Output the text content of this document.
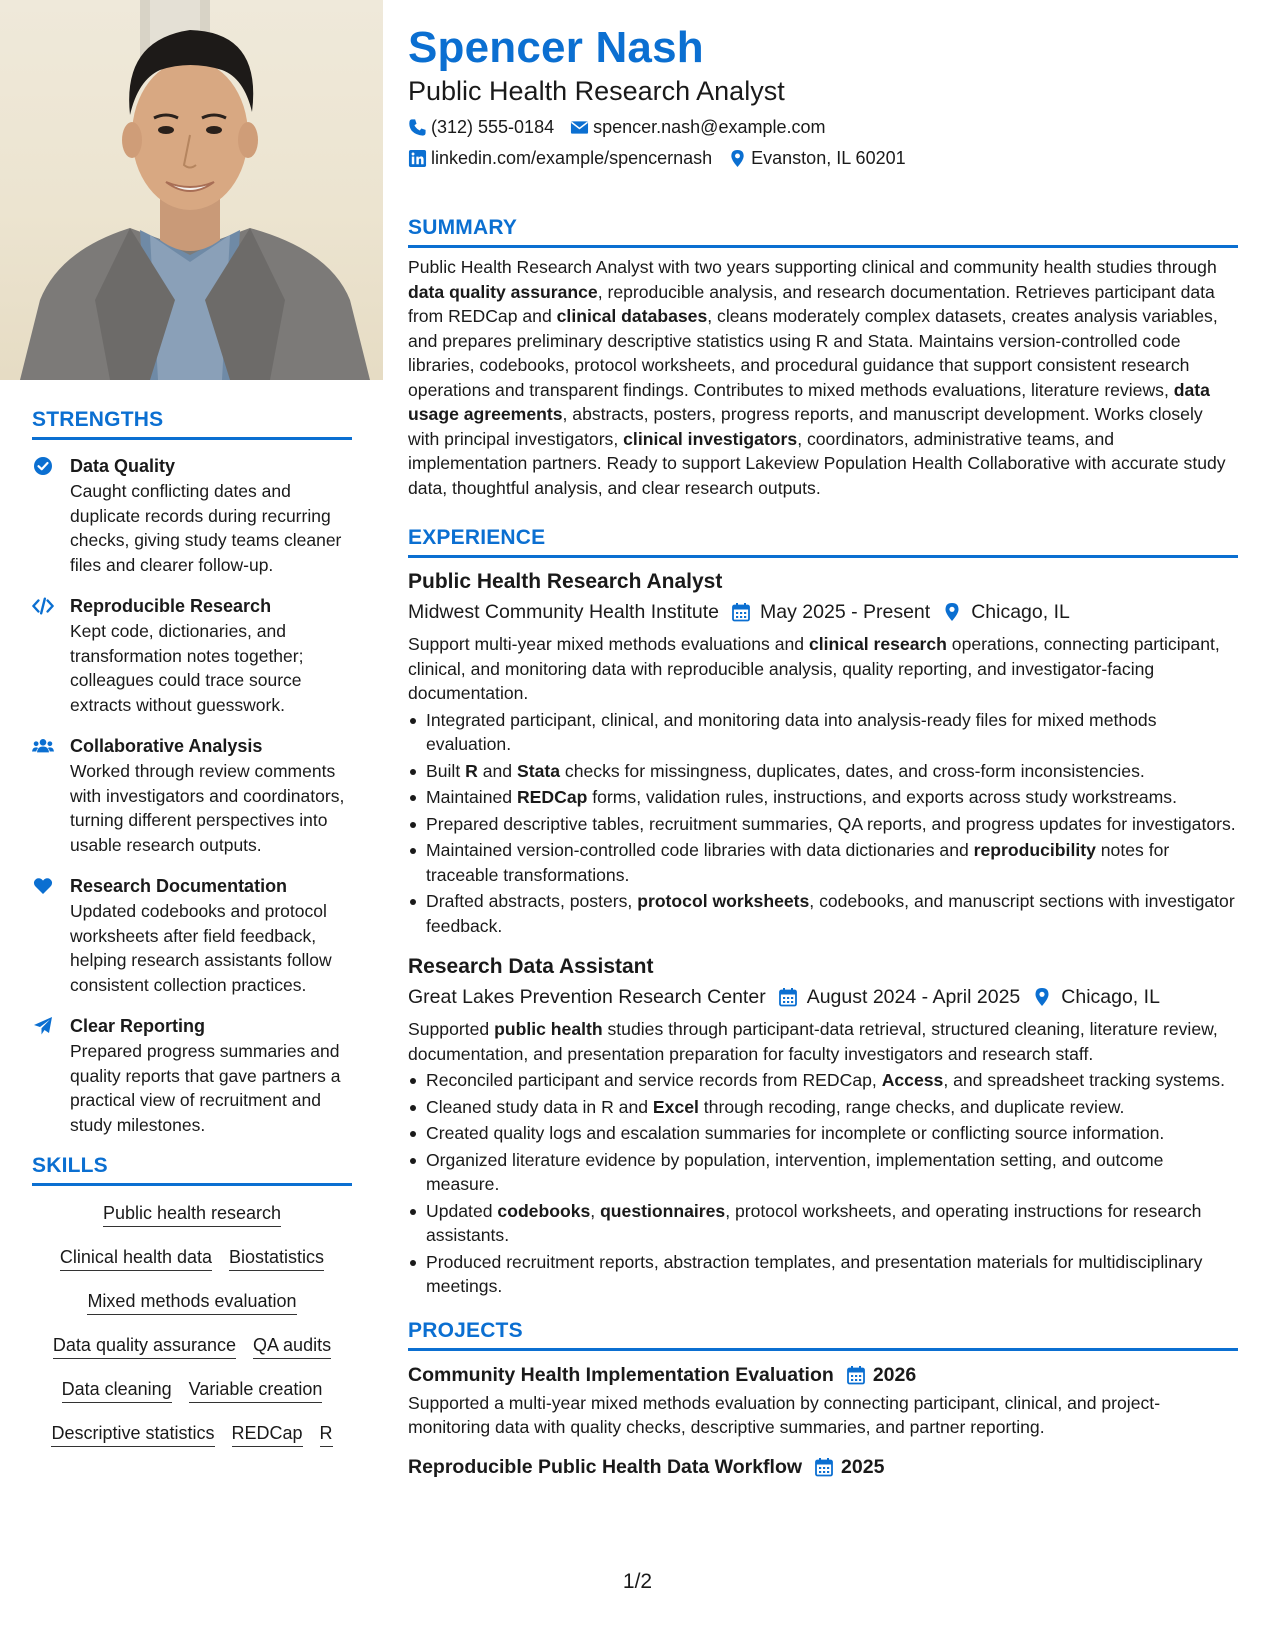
STRENGTHS
Data Quality
Caught conflicting dates and duplicate records during recurring checks, giving study teams cleaner files and clearer follow-up.
Reproducible Research
Kept code, dictionaries, and transformation notes together; colleagues could trace source extracts without guesswork.
Collaborative Analysis
Worked through review comments with investigators and coordinators, turning different perspectives into usable research outputs.
Research Documentation
Updated codebooks and protocol worksheets after field feedback, helping research assistants follow consistent collection practices.
Clear Reporting
Prepared progress summaries and quality reports that gave partners a practical view of recruitment and study milestones.
SKILLS
Public health research
Clinical health data Biostatistics
Mixed methods evaluation
Data quality assurance QA audits
Data cleaning Variable creation
Descriptive statistics REDCap R
Spencer Nash
Public Health Research Analyst
(312) 555-0184 spencer.nash@example.com
linkedin.com/example/spencernash Evanston, IL 60201
SUMMARY
Public Health Research Analyst with two years supporting clinical and community health studies through data quality assurance, reproducible analysis, and research documentation. Retrieves participant data from REDCap and clinical databases, cleans moderately complex datasets, creates analysis variables, and prepares preliminary descriptive statistics using R and Stata. Maintains version-controlled code libraries, codebooks, protocol worksheets, and procedural guidance that support consistent research operations and transparent findings. Contributes to mixed methods evaluations, literature reviews, data usage agreements, abstracts, posters, progress reports, and manuscript development. Works closely with principal investigators, clinical investigators, coordinators, administrative teams, and implementation partners. Ready to support Lakeview Population Health Collaborative with accurate study data, thoughtful analysis, and clear research outputs.
EXPERIENCE
Public Health Research Analyst
Midwest Community Health Institute May 2025 - Present Chicago, IL
Support multi-year mixed methods evaluations and clinical research operations, connecting participant, clinical, and monitoring data with reproducible analysis, quality reporting, and investigator-facing documentation.
Integrated participant, clinical, and monitoring data into analysis-ready files for mixed methods evaluation.
Built R and Stata checks for missingness, duplicates, dates, and cross-form inconsistencies.
Maintained REDCap forms, validation rules, instructions, and exports across study workstreams.
Prepared descriptive tables, recruitment summaries, QA reports, and progress updates for investigators.
Maintained version-controlled code libraries with data dictionaries and reproducibility notes for traceable transformations.
Drafted abstracts, posters, protocol worksheets, codebooks, and manuscript sections with investigator feedback.
Research Data Assistant
Great Lakes Prevention Research Center August 2024 - April 2025 Chicago, IL
Supported public health studies through participant-data retrieval, structured cleaning, literature review, documentation, and presentation preparation for faculty investigators and research staff.
Reconciled participant and service records from REDCap, Access, and spreadsheet tracking systems.
Cleaned study data in R and Excel through recoding, range checks, and duplicate review.
Created quality logs and escalation summaries for incomplete or conflicting source information.
Organized literature evidence by population, intervention, implementation setting, and outcome measure.
Updated codebooks, questionnaires, protocol worksheets, and operating instructions for research assistants.
Produced recruitment reports, abstraction templates, and presentation materials for multidisciplinary meetings.
PROJECTS
Community Health Implementation Evaluation 2026
Supported a multi-year mixed methods evaluation by connecting participant, clinical, and project-monitoring data with quality checks, descriptive summaries, and partner reporting.
Reproducible Public Health Data Workflow 2025
1/2
